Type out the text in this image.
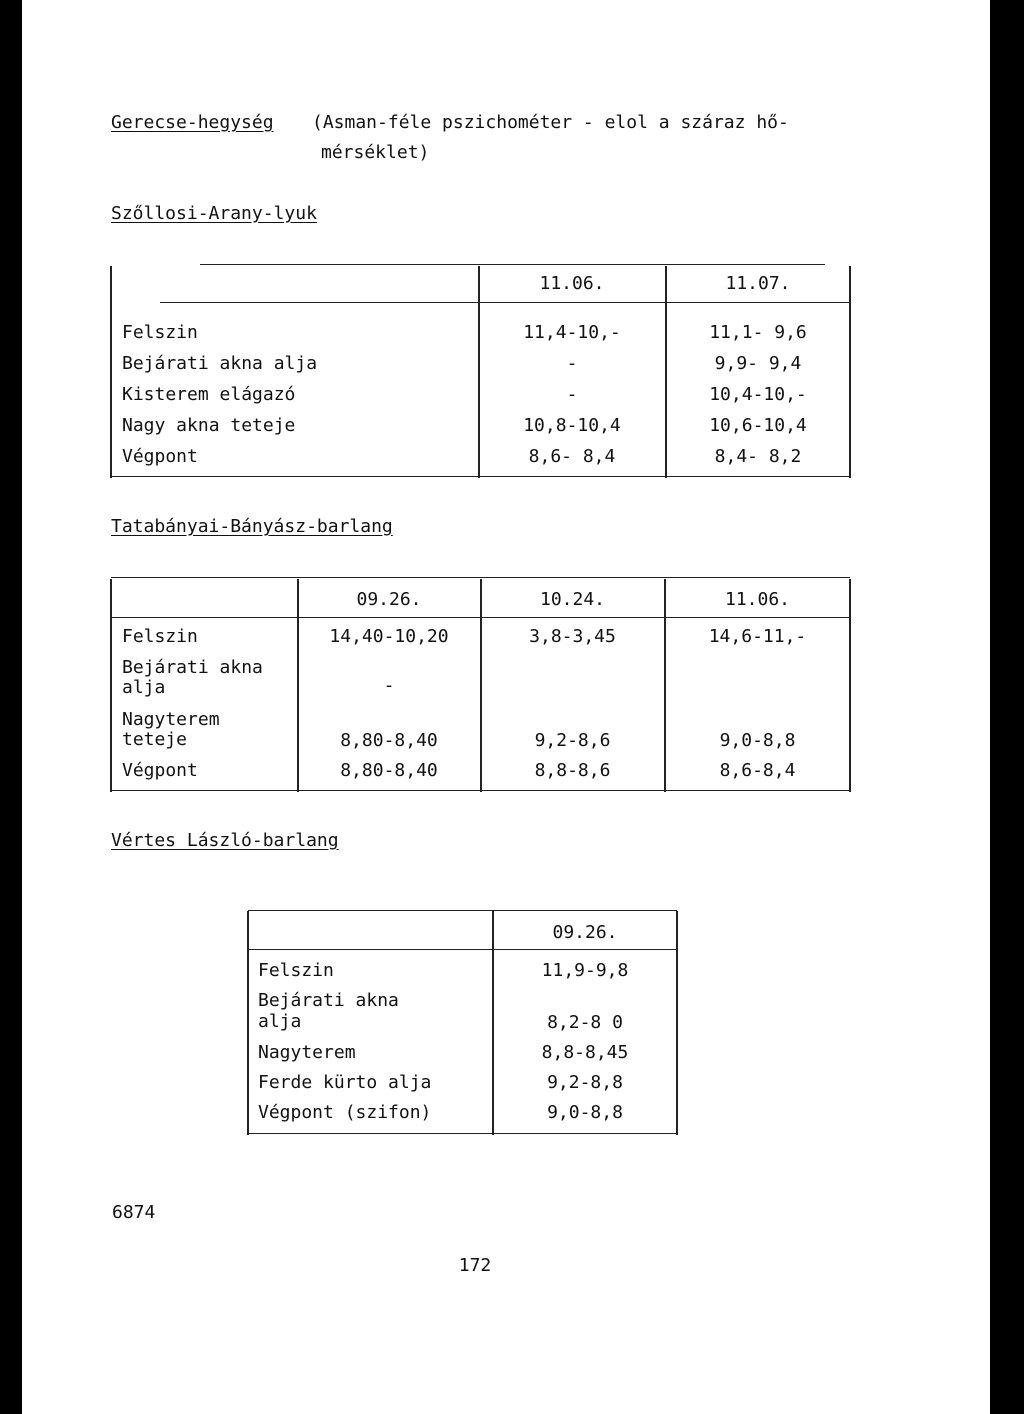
Gerecse-hegység (Asman-féle pszichométer - elol a száraz hő-
mérséklet)
Szőllosi-Arany-lyuk
11.06.	11.07.
Felszin	11,4-10,-	11,1- 9,6
Bejárati akna alja	-	9,9- 9,4
Kisterem elágazó	-	10,4-10,-
Nagy akna teteje	10,8-10,4	10,6-10,4
Végpont	8,6- 8,4	8,4- 8,2
Tatabányai-Bányász-barlang
09.26.	10.24.	11.06.
Felszin	14,40-10,20	3,8-3,45	14,6-11,-
Bejárati akna
alja	-
Nagyterem
teteje	8,80-8,40	9,2-8,6	9,0-8,8
Végpont	8,80-8,40	8,8-8,6	8,6-8,4
Vértes László-barlang
09.26.
Felszin	11,9-9,8
Bejárati akna
alja	8,2-8 0
Nagyterem	8,8-8,45
Ferde kürto alja	9,2-8,8
Végpont (szifon)	9,0-8,8
6874
172
